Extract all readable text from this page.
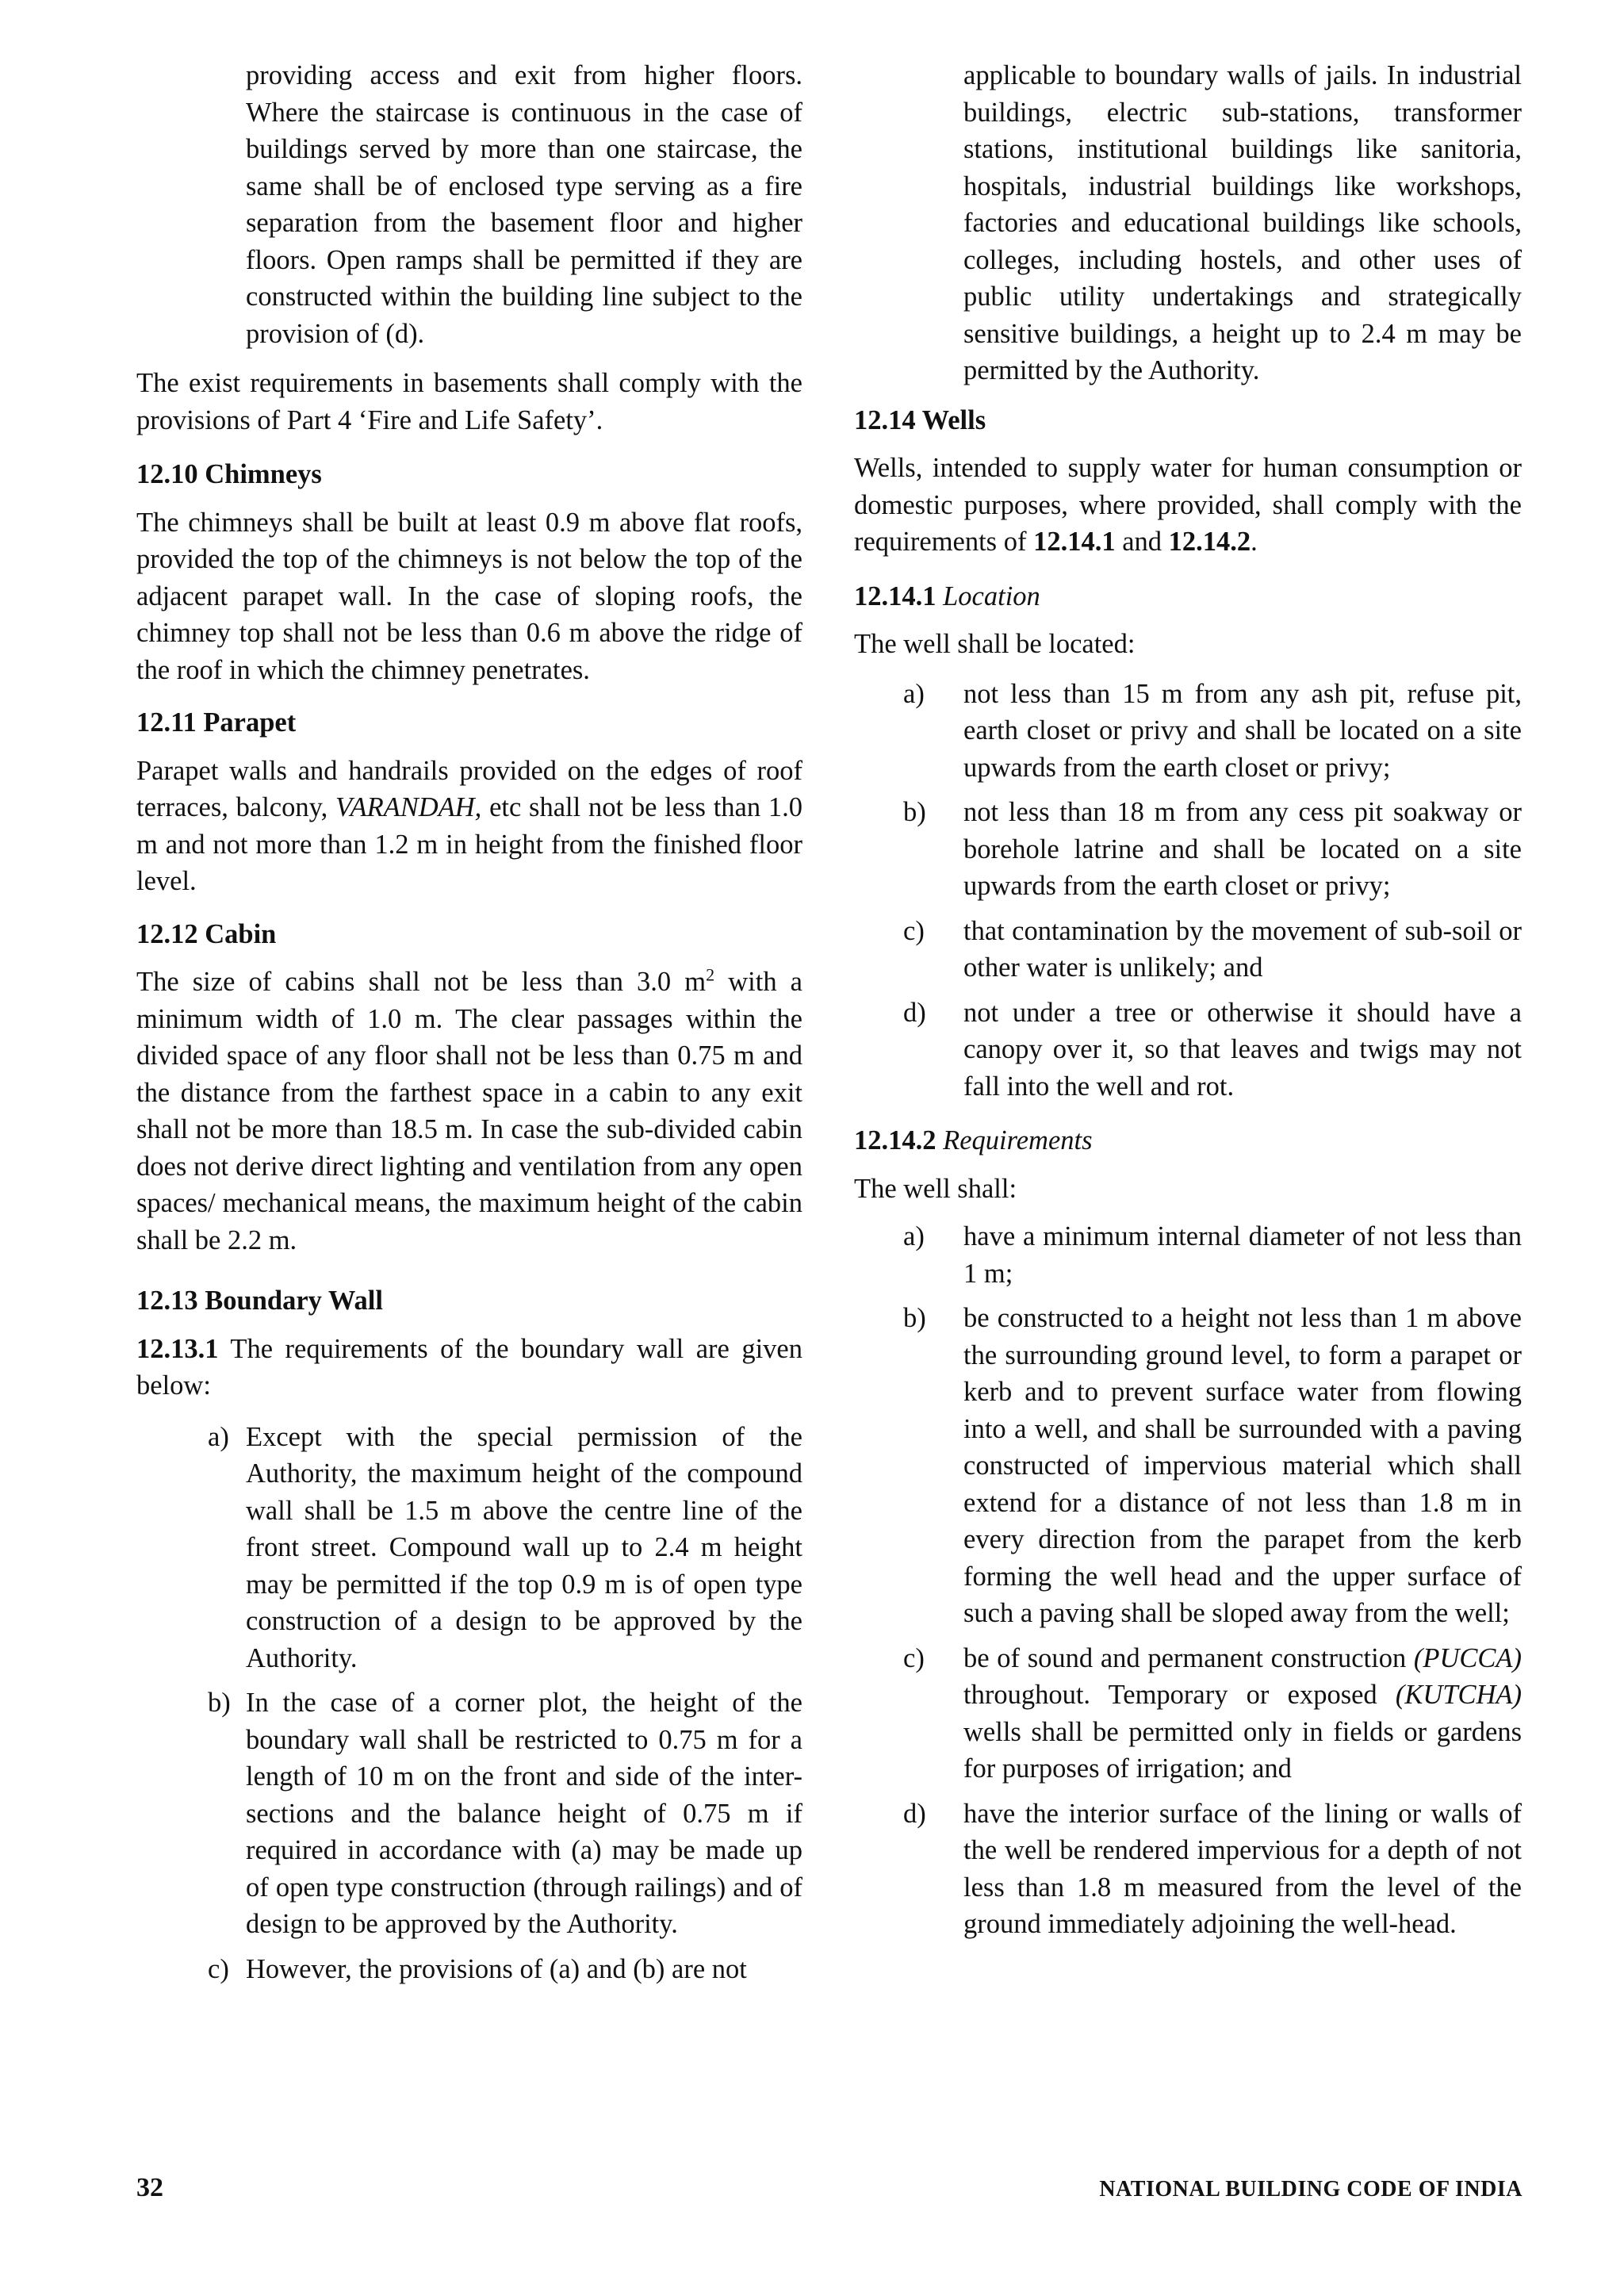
providing access and exit from higher floors. Where the staircase is continuous in the case of buildings served by more than one staircase, the same shall be of enclosed type serving as a fire separation from the basement floor and higher floors. Open ramps shall be permitted if they are constructed within the building line subject to the provision of (d).

The exist requirements in basements shall comply with the provisions of Part 4 ‘Fire and Life Safety’.

12.10 Chimneys

The chimneys shall be built at least 0.9 m above flat roofs, provided the top of the chimneys is not below the top of the adjacent parapet wall. In the case of sloping roofs, the chimney top shall not be less than 0.6 m above the ridge of the roof in which the chimney penetrates.

12.11 Parapet

Parapet walls and handrails provided on the edges of roof terraces, balcony, VARANDAH, etc shall not be less than 1.0 m and not more than 1.2 m in height from the finished floor level.

12.12 Cabin

The size of cabins shall not be less than 3.0 $m^2$ with a minimum width of 1.0 m. The clear passages within the divided space of any floor shall not be less than 0.75 m and the distance from the farthest space in a cabin to any exit shall not be more than 18.5 m. In case the sub-divided cabin does not derive direct lighting and ventilation from any open spaces/ mechanical means, the maximum height of the cabin shall be 2.2 m.

12.13 Boundary Wall

12.13.1 The requirements of the boundary wall are given below:

a) Except with the special permission of the Authority, the maximum height of the compound wall shall be 1.5 m above the centre line of the front street. Compound wall up to 2.4 m height may be permitted if the top 0.9 m is of open type construction of a design to be approved by the Authority.
b) In the case of a corner plot, the height of the boundary wall shall be restricted to 0.75 m for a length of 10 m on the front and side of the inter-sections and the balance height of 0.75 m if required in accordance with (a) may be made up of open type construction (through railings) and of design to be approved by the Authority.
c) However, the provisions of (a) and (b) are not

applicable to boundary walls of jails. In industrial buildings, electric sub-stations, transformer stations, institutional buildings like sanitoria, hospitals, industrial buildings like workshops, factories and educational buildings like schools, colleges, including hostels, and other uses of public utility undertakings and strategically sensitive buildings, a height up to 2.4 m may be permitted by the Authority.

12.14 Wells

Wells, intended to supply water for human consumption or domestic purposes, where provided, shall comply with the requirements of 12.14.1 and 12.14.2.

12.14.1 Location

The well shall be located:

a) not less than 15 m from any ash pit, refuse pit, earth closet or privy and shall be located on a site upwards from the earth closet or privy;
b) not less than 18 m from any cess pit soakway or borehole latrine and shall be located on a site upwards from the earth closet or privy;
c) that contamination by the movement of sub-soil or other water is unlikely; and
d) not under a tree or otherwise it should have a canopy over it, so that leaves and twigs may not fall into the well and rot.

12.14.2 Requirements

The well shall:

a) have a minimum internal diameter of not less than 1 m;
b) be constructed to a height not less than 1 m above the surrounding ground level, to form a parapet or kerb and to prevent surface water from flowing into a well, and shall be surrounded with a paving constructed of impervious material which shall extend for a distance of not less than 1.8 m in every direction from the parapet from the kerb forming the well head and the upper surface of such a paving shall be sloped away from the well;
c) be of sound and permanent construction (PUCCA) throughout. Temporary or exposed (KUTCHA) wells shall be permitted only in fields or gardens for purposes of irrigation; and
d) have the interior surface of the lining or walls of the well be rendered impervious for a depth of not less than 1.8 m measured from the level of the ground immediately adjoining the well-head.
32	NATIONAL BUILDING CODE OF INDIA
